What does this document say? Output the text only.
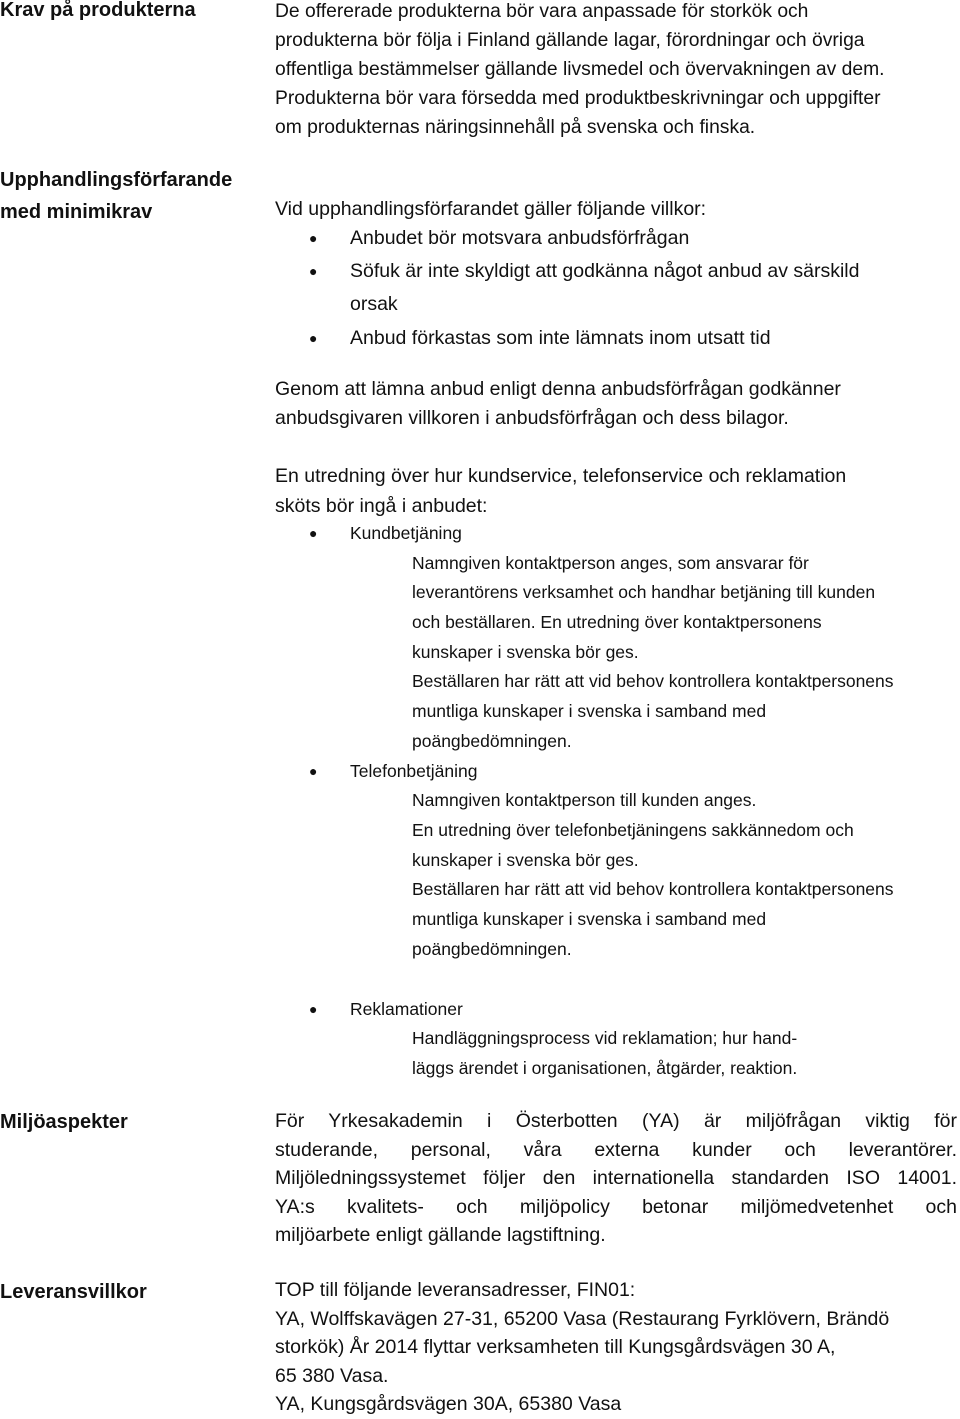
Krav på produkterna
Upphandlingsförfarande
med minimikrav
Miljöaspekter
Leveransvillkor
De offererade produkterna bör vara anpassade för storkök och
produkterna bör följa i Finland gällande lagar, förordningar och övriga
offentliga bestämmelser gällande livsmedel och övervakningen av dem.
Produkterna bör vara försedda med produktbeskrivningar och uppgifter
om produkternas näringsinnehåll på svenska och finska.
Vid upphandlingsförfarandet gäller följande villkor:
● Anbudet bör motsvara anbudsförfrågan
● Söfuk är inte skyldigt att godkänna något anbud av särskild
orsak
● Anbud förkastas som inte lämnats inom utsatt tid
Genom att lämna anbud enligt denna anbudsförfrågan godkänner
anbudsgivaren villkoren i anbudsförfrågan och dess bilagor.
En utredning över hur kundservice, telefonservice och reklamation
sköts bör ingå i anbudet:
● Kundbetjäning
Namngiven kontaktperson anges, som ansvarar för
leverantörens verksamhet och handhar betjäning till kunden
och beställaren. En utredning över kontaktpersonens
kunskaper i svenska bör ges.
Beställaren har rätt att vid behov kontrollera kontaktpersonens
muntliga kunskaper i svenska i samband med
poängbedömningen.
● Telefonbetjäning
Namngiven kontaktperson till kunden anges.
En utredning över telefonbetjäningens sakkännedom och
kunskaper i svenska bör ges.
Beställaren har rätt att vid behov kontrollera kontaktpersonens
muntliga kunskaper i svenska i samband med
poängbedömningen.
● Reklamationer
Handläggningsprocess vid reklamation; hur hand-
läggs ärendet i organisationen, åtgärder, reaktion.
För Yrkesakademin i Österbotten (YA) är miljöfrågan viktig för
studerande, personal, våra externa kunder och leverantörer.
Miljöledningssystemet följer den internationella standarden ISO 14001.
YA:s kvalitets- och miljöpolicy betonar miljömedvetenhet och
miljöarbete enligt gällande lagstiftning.
TOP till följande leveransadresser, FIN01:
YA, Wolffskavägen 27-31, 65200 Vasa (Restaurang Fyrklövern, Brändö
storkök) År 2014 flyttar verksamheten till Kungsgårdsvägen 30 A,
65 380 Vasa.
YA, Kungsgårdsvägen 30A, 65380 Vasa
